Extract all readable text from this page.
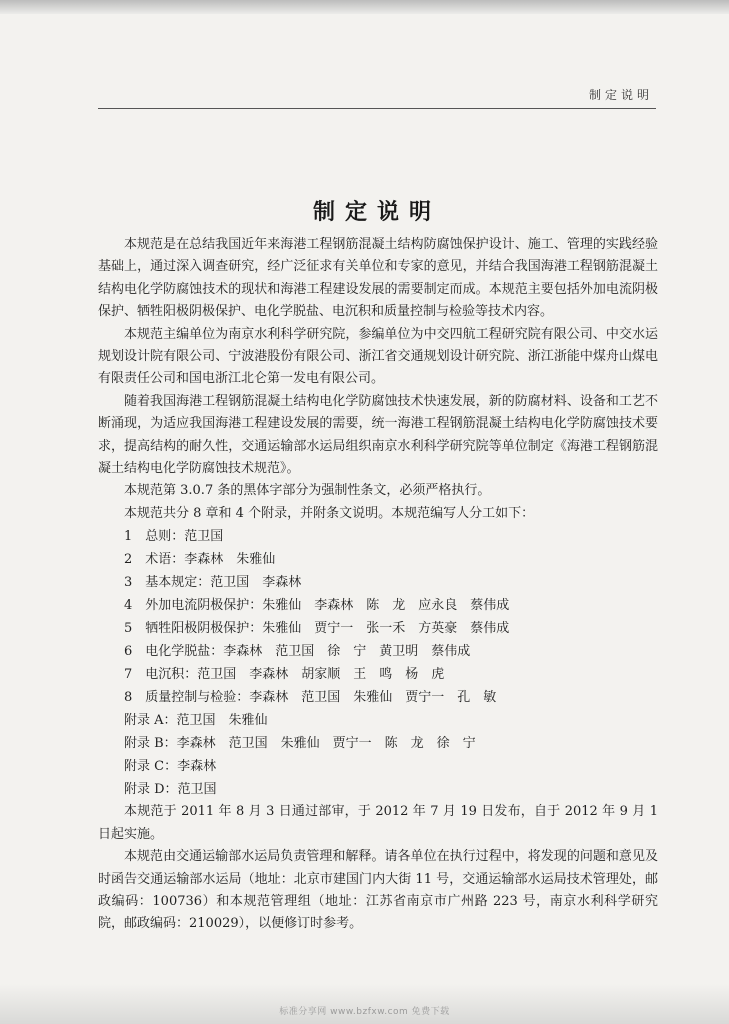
制定说明
制定说明

本规范是在总结我国近年来海港工程钢筋混凝土结构防腐蚀保护设计、施工、管理的实践经验基础上，通过深入调查研究，经广泛征求有关单位和专家的意见，并结合我国海港工程钢筋混凝土结构电化学防腐蚀技术的现状和海港工程建设发展的需要制定而成。本规范主要包括外加电流阴极保护、牺牲阳极阴极保护、电化学脱盐、电沉积和质量控制与检验等技术内容。

本规范主编单位为南京水利科学研究院，参编单位为中交四航工程研究院有限公司、中交水运规划设计院有限公司、宁波港股份有限公司、浙江省交通规划设计研究院、浙江浙能中煤舟山煤电有限责任公司和国电浙江北仑第一发电有限公司。

随着我国海港工程钢筋混凝土结构电化学防腐蚀技术快速发展，新的防腐材料、设备和工艺不断涌现，为适应我国海港工程建设发展的需要，统一海港工程钢筋混凝土结构电化学防腐蚀技术要求，提高结构的耐久性，交通运输部水运局组织南京水利科学研究院等单位制定《海港工程钢筋混凝土结构电化学防腐蚀技术规范》。

本规范第 3.0.7 条的黑体字部分为强制性条文，必须严格执行。

本规范共分 8 章和 4 个附录，并附条文说明。本规范编写人分工如下：

1　总则：范卫国
2　术语：李森林　朱雅仙
3　基本规定：范卫国　李森林
4　外加电流阴极保护：朱雅仙　李森林　陈　龙　应永良　蔡伟成
5　牺牲阳极阴极保护：朱雅仙　贾宁一　张一禾　方英豪　蔡伟成
6　电化学脱盐：李森林　范卫国　徐　宁　黄卫明　蔡伟成
7　电沉积：范卫国　李森林　胡家顺　王　鸣　杨　虎
8　质量控制与检验：李森林　范卫国　朱雅仙　贾宁一　孔　敏
附录 A：范卫国　朱雅仙
附录 B：李森林　范卫国　朱雅仙　贾宁一　陈　龙　徐　宁
附录 C：李森林
附录 D：范卫国

本规范于 2011 年 8 月 3 日通过部审，于 2012 年 7 月 19 日发布，自于 2012 年 9 月 1 日起实施。

本规范由交通运输部水运局负责管理和解释。请各单位在执行过程中，将发现的问题和意见及时函告交通运输部水运局（地址：北京市建国门内大街 11 号，交通运输部水运局技术管理处，邮政编码：100736）和本规范管理组（地址：江苏省南京市广州路 223 号，南京水利科学研究院，邮政编码：210029），以便修订时参考。

标准分享网 www.bzfxw.com 免费下载
